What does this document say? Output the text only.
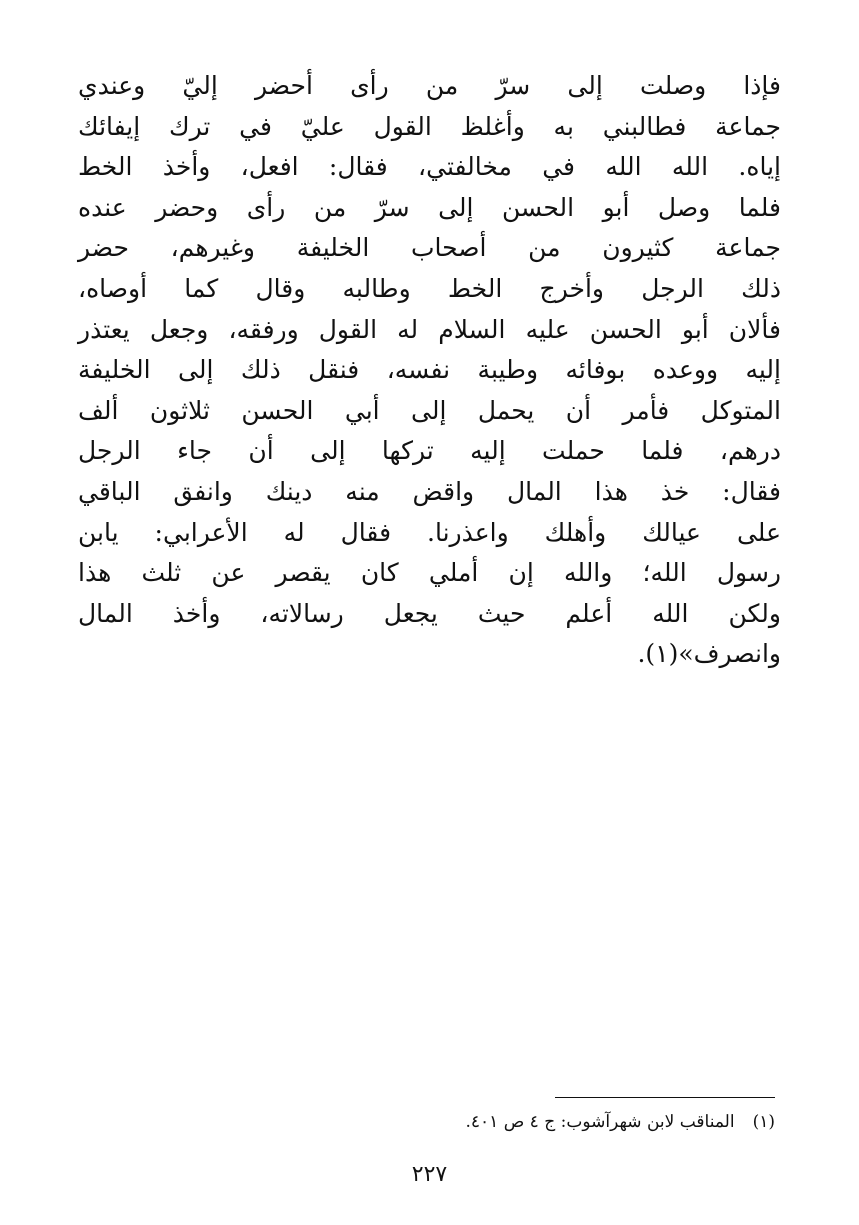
فإذا وصلت إلى سرّ من رأى أحضر إليّ وعندي
جماعة فطالبني به وأغلظ القول عليّ في ترك إيفائك
إياه. الله الله في مخالفتي، فقال: افعل، وأخذ الخط
فلما وصل أبو الحسن إلى سرّ من رأى وحضر عنده
جماعة كثيرون من أصحاب الخليفة وغيرهم، حضر
ذلك الرجل وأخرج الخط وطالبه وقال كما أوصاه،
فألان أبو الحسن عليه السلام له القول ورفقه، وجعل يعتذر
إليه ووعده بوفائه وطيبة نفسه، فنقل ذلك إلى الخليفة
المتوكل فأمر أن يحمل إلى أبي الحسن ثلاثون ألف
درهم، فلما حملت إليه تركها إلى أن جاء الرجل
فقال: خذ هذا المال واقض منه دينك وانفق الباقي
على عيالك وأهلك واعذرنا. فقال له الأعرابي: يابن
رسول الله؛ والله إن أملي كان يقصر عن ثلث هذا
ولكن الله أعلم حيث يجعل رسالاته، وأخذ المال
وانصرف»(١).
(١)المناقب لابن شهرآشوب: ج ٤ ص ٤٠١.
٢٢٧
